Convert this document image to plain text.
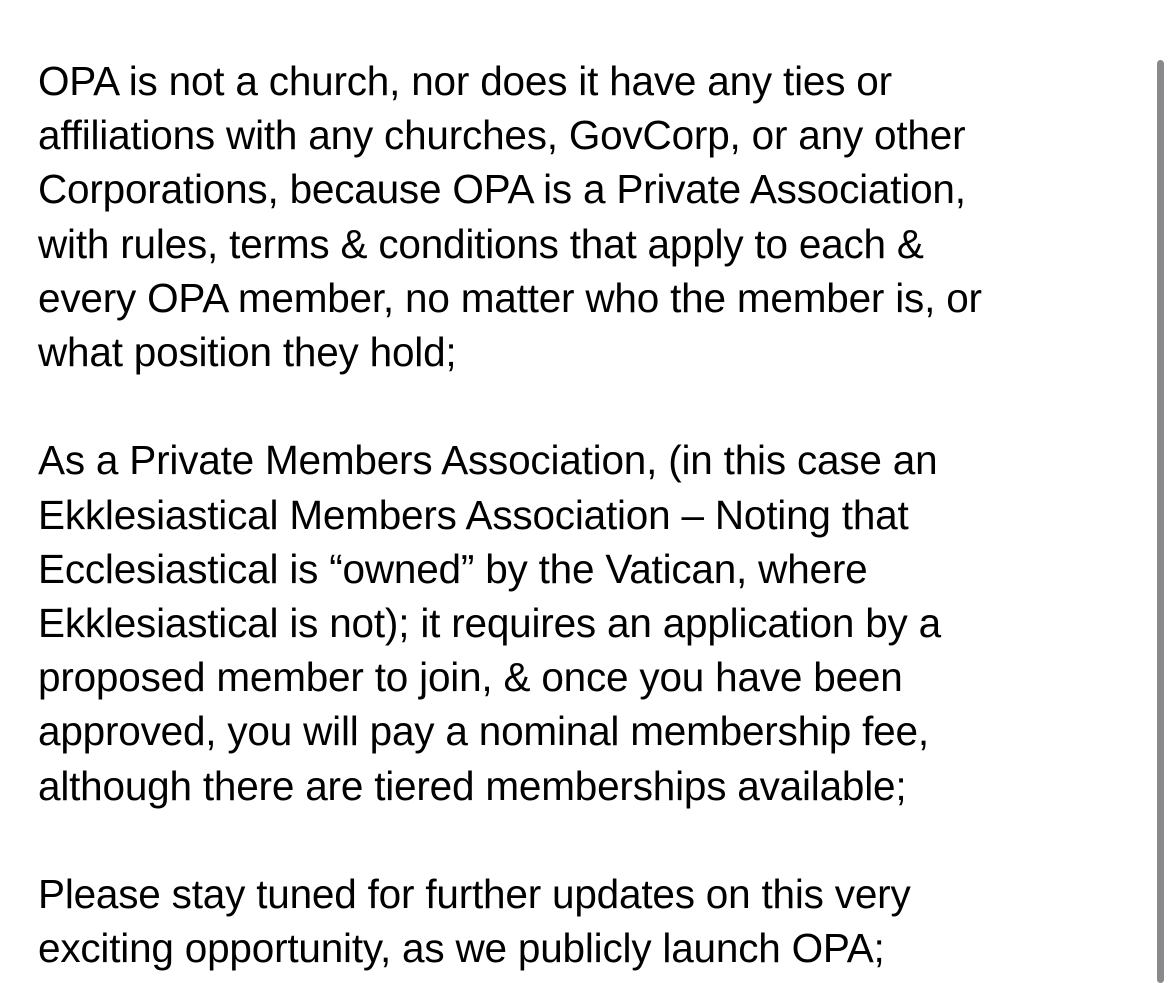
OPA is not a church, nor does it have any ties or
affiliations with any churches, GovCorp, or any other
Corporations, because OPA is a Private Association,
with rules, terms & conditions that apply to each &
every OPA member, no matter who the member is, or
what position they hold;

As a Private Members Association, (in this case an
Ekklesiastical Members Association – Noting that
Ecclesiastical is “owned” by the Vatican, where
Ekklesiastical is not); it requires an application by a
proposed member to join, & once you have been
approved, you will pay a nominal membership fee,
although there are tiered memberships available;

Please stay tuned for further updates on this very
exciting opportunity, as we publicly launch OPA;
